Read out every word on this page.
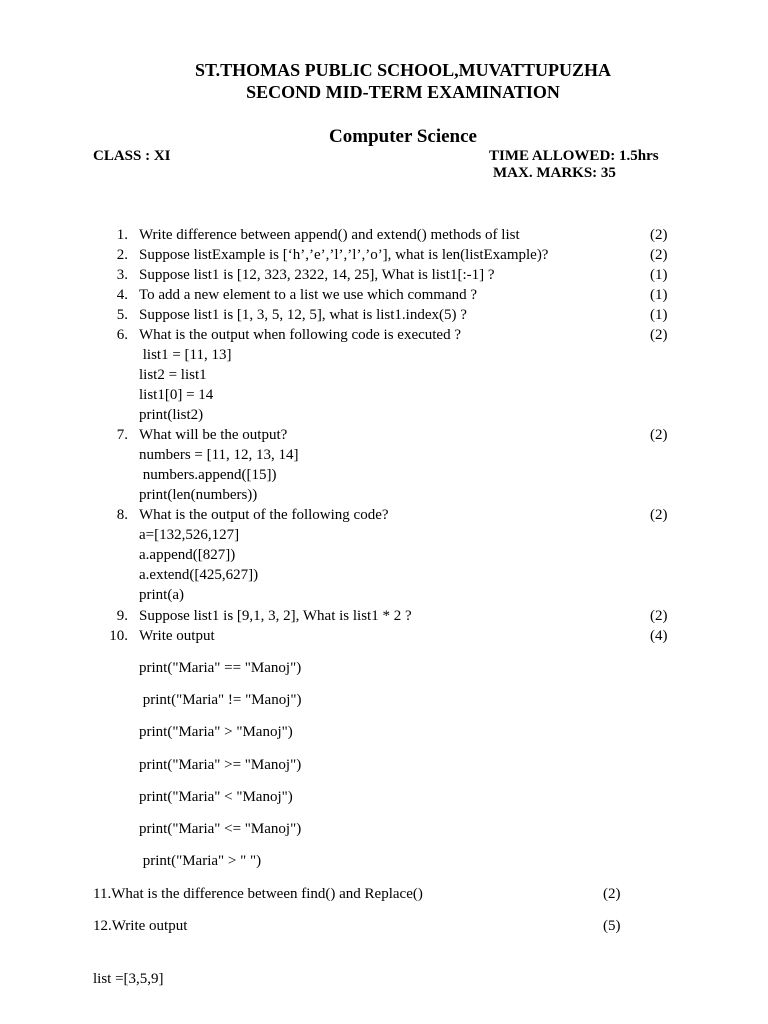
ST.THOMAS PUBLIC SCHOOL,MUVATTUPUZHA
SECOND MID-TERM EXAMINATION
Computer Science
CLASS : XI	TIME ALLOWED: 1.5hrs
MAX. MARKS: 35
1. Write difference between append() and extend() methods of list	(2)
2. Suppose listExample is [‘h’,’e’,’l’,’l’,’o’], what is len(listExample)?	(2)
3. Suppose list1 is [12, 323, 2322, 14, 25], What is list1[:-1] ?	(1)
4. To add a new element to a list we use which command ?	(1)
5. Suppose list1 is [1, 3, 5, 12, 5], what is list1.index(5) ?	(1)
6. What is the output when following code is executed ?	(2)
list1 = [11, 13]
list2 = list1
list1[0] = 14
print(list2)
7. What will be the output?	(2)
numbers = [11, 12, 13, 14]
numbers.append([15])
print(len(numbers))
8. What is the output of the following code?	(2)
a=[132,526,127]
a.append([827])
a.extend([425,627])
print(a)
9. Suppose list1 is [9,1, 3, 2], What is list1 * 2 ?	(2)
10. Write output	(4)
print("Maria" == "Manoj")
print("Maria" != "Manoj")
print("Maria" > "Manoj")
print("Maria" >= "Manoj")
print("Maria" < "Manoj")
print("Maria" <= "Manoj")
print("Maria" > " ")
11.What is the difference between find() and Replace()	(2)
12.Write output	(5)
list =[3,5,9]
